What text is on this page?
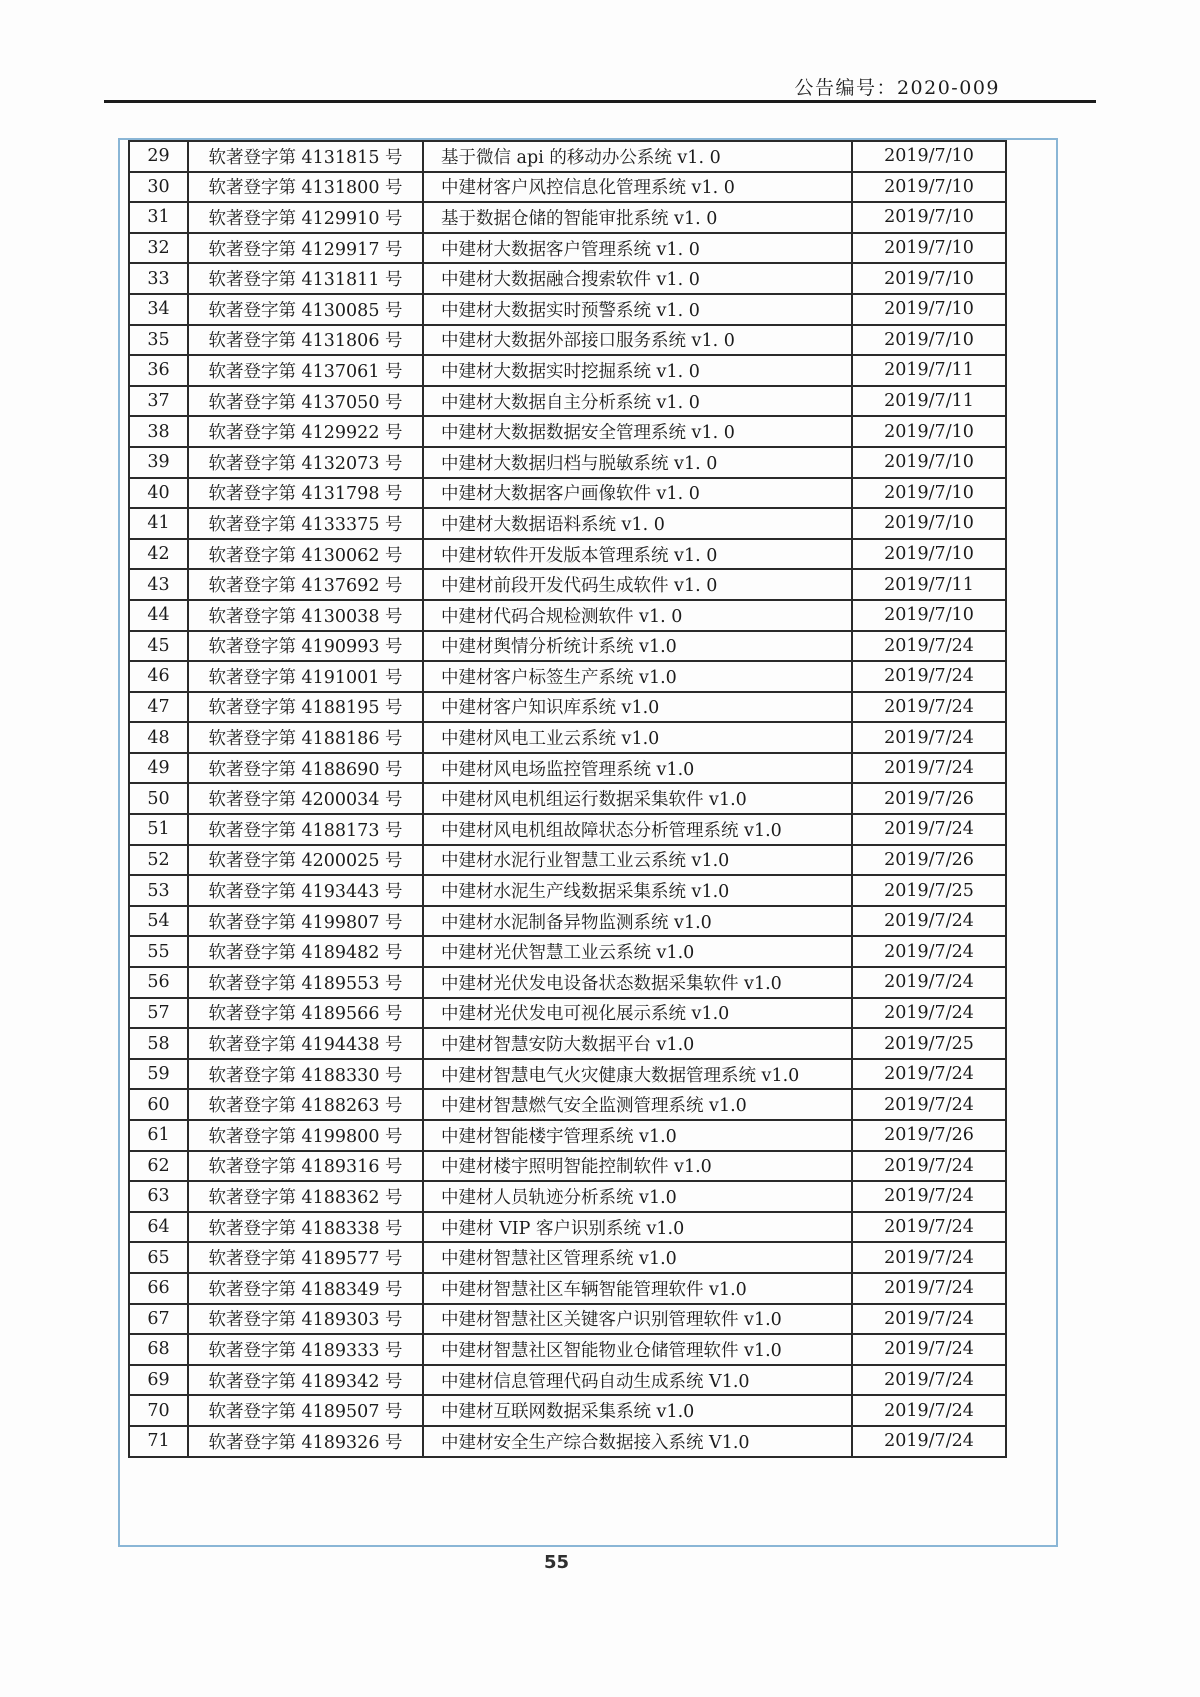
公告编号：2020-009
29	软著登字第 4131815 号	基于微信 api 的移动办公系统 v1. 0	2019/7/10
30	软著登字第 4131800 号	中建材客户风控信息化管理系统 v1. 0	2019/7/10
31	软著登字第 4129910 号	基于数据仓储的智能审批系统 v1. 0	2019/7/10
32	软著登字第 4129917 号	中建材大数据客户管理系统 v1. 0	2019/7/10
33	软著登字第 4131811 号	中建材大数据融合搜索软件 v1. 0	2019/7/10
34	软著登字第 4130085 号	中建材大数据实时预警系统 v1. 0	2019/7/10
35	软著登字第 4131806 号	中建材大数据外部接口服务系统 v1. 0	2019/7/10
36	软著登字第 4137061 号	中建材大数据实时挖掘系统 v1. 0	2019/7/11
37	软著登字第 4137050 号	中建材大数据自主分析系统 v1. 0	2019/7/11
38	软著登字第 4129922 号	中建材大数据数据安全管理系统 v1. 0	2019/7/10
39	软著登字第 4132073 号	中建材大数据归档与脱敏系统 v1. 0	2019/7/10
40	软著登字第 4131798 号	中建材大数据客户画像软件 v1. 0	2019/7/10
41	软著登字第 4133375 号	中建材大数据语料系统 v1. 0	2019/7/10
42	软著登字第 4130062 号	中建材软件开发版本管理系统 v1. 0	2019/7/10
43	软著登字第 4137692 号	中建材前段开发代码生成软件 v1. 0	2019/7/11
44	软著登字第 4130038 号	中建材代码合规检测软件 v1. 0	2019/7/10
45	软著登字第 4190993 号	中建材舆情分析统计系统 v1.0	2019/7/24
46	软著登字第 4191001 号	中建材客户标签生产系统 v1.0	2019/7/24
47	软著登字第 4188195 号	中建材客户知识库系统 v1.0	2019/7/24
48	软著登字第 4188186 号	中建材风电工业云系统 v1.0	2019/7/24
49	软著登字第 4188690 号	中建材风电场监控管理系统 v1.0	2019/7/24
50	软著登字第 4200034 号	中建材风电机组运行数据采集软件 v1.0	2019/7/26
51	软著登字第 4188173 号	中建材风电机组故障状态分析管理系统 v1.0	2019/7/24
52	软著登字第 4200025 号	中建材水泥行业智慧工业云系统 v1.0	2019/7/26
53	软著登字第 4193443 号	中建材水泥生产线数据采集系统 v1.0	2019/7/25
54	软著登字第 4199807 号	中建材水泥制备异物监测系统 v1.0	2019/7/24
55	软著登字第 4189482 号	中建材光伏智慧工业云系统 v1.0	2019/7/24
56	软著登字第 4189553 号	中建材光伏发电设备状态数据采集软件 v1.0	2019/7/24
57	软著登字第 4189566 号	中建材光伏发电可视化展示系统 v1.0	2019/7/24
58	软著登字第 4194438 号	中建材智慧安防大数据平台 v1.0	2019/7/25
59	软著登字第 4188330 号	中建材智慧电气火灾健康大数据管理系统 v1.0	2019/7/24
60	软著登字第 4188263 号	中建材智慧燃气安全监测管理系统 v1.0	2019/7/24
61	软著登字第 4199800 号	中建材智能楼宇管理系统 v1.0	2019/7/26
62	软著登字第 4189316 号	中建材楼宇照明智能控制软件 v1.0	2019/7/24
63	软著登字第 4188362 号	中建材人员轨迹分析系统 v1.0	2019/7/24
64	软著登字第 4188338 号	中建材 VIP 客户识别系统 v1.0	2019/7/24
65	软著登字第 4189577 号	中建材智慧社区管理系统 v1.0	2019/7/24
66	软著登字第 4188349 号	中建材智慧社区车辆智能管理软件 v1.0	2019/7/24
67	软著登字第 4189303 号	中建材智慧社区关键客户识别管理软件 v1.0	2019/7/24
68	软著登字第 4189333 号	中建材智慧社区智能物业仓储管理软件 v1.0	2019/7/24
69	软著登字第 4189342 号	中建材信息管理代码自动生成系统 V1.0	2019/7/24
70	软著登字第 4189507 号	中建材互联网数据采集系统 v1.0	2019/7/24
71	软著登字第 4189326 号	中建材安全生产综合数据接入系统 V1.0	2019/7/24
55
